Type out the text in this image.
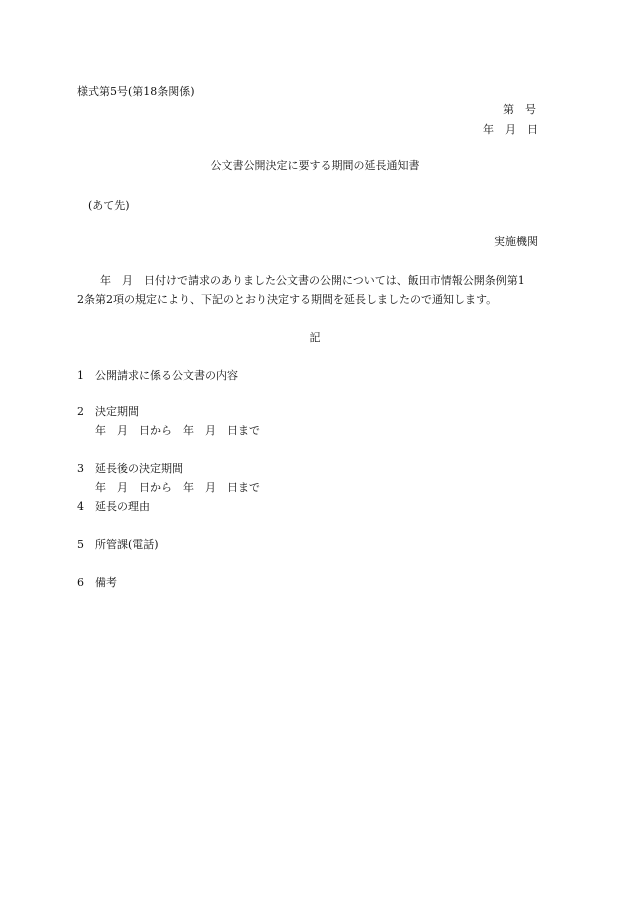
様式第5号(第18条関係)
第　号
年　月　日
公文書公開決定に要する期間の延長通知書
(あて先)
実施機関
年　月　日付けで請求のありました公文書の公開については、飯田市情報公開条例第1
2条第2項の規定により、下記のとおり決定する期間を延長しましたので通知します。
記
1　公開請求に係る公文書の内容
2　決定期間
年　月　日から　年　月　日まで
3　延長後の決定期間
年　月　日から　年　月　日まで
4　延長の理由
5　所管課(電話)
6　備考
